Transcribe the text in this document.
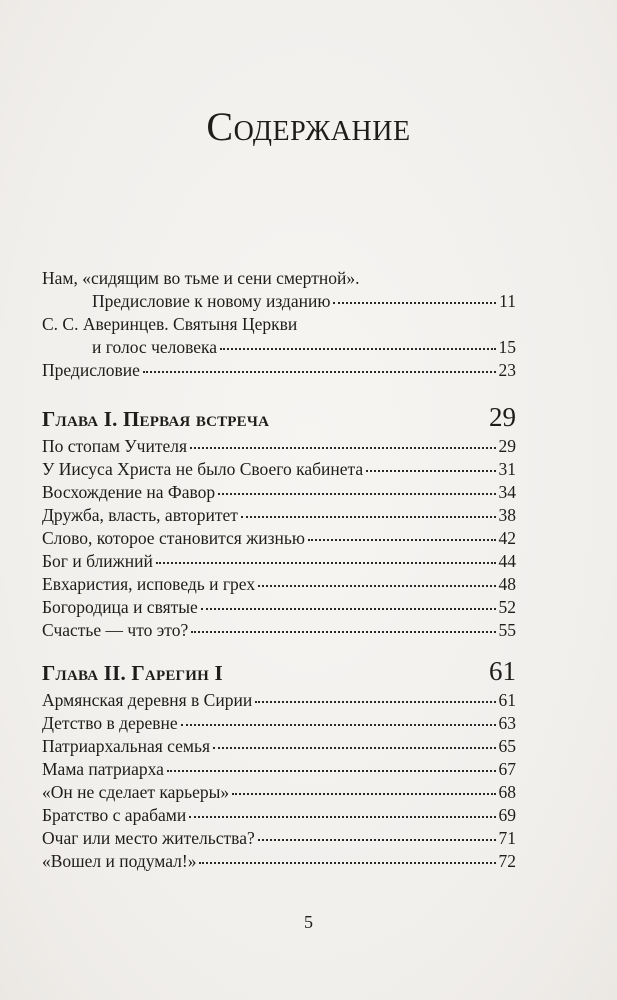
Содержание
Нам, «сидящим во тьме и сени смертной».
Предисловие к новому изданию	11
С. С. Аверинцев. Святыня Церкви
и голос человека	15
Предисловие	23
Глава I. Первая встреча	29
По стопам Учителя	29
У Иисуса Христа не было Своего кабинета	31
Восхождение на Фавор	34
Дружба, власть, авторитет	38
Слово, которое становится жизнью	42
Бог и ближний	44
Евхаристия, исповедь и грех	48
Богородица и святые	52
Счастье — что это?	55
Глава II. Гарегин I	61
Армянская деревня в Сирии	61
Детство в деревне	63
Патриархальная семья	65
Мама патриарха	67
«Он не сделает карьеры»	68
Братство с арабами	69
Очаг или место жительства?	71
«Вошел и подумал!»	72
5
